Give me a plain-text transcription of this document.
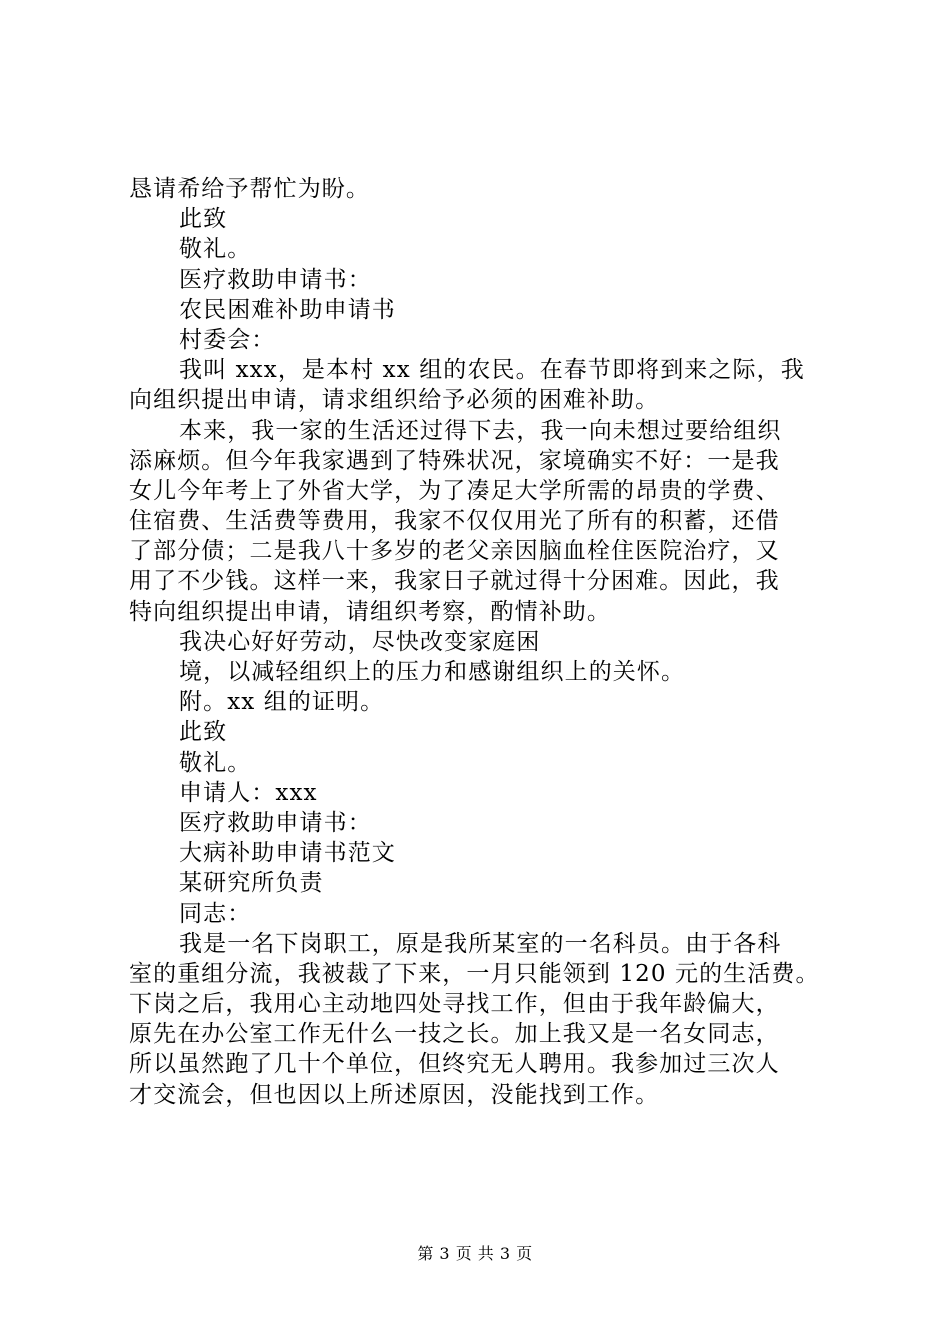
恳请希给予帮忙为盼。
此致
敬礼。
医疗救助申请书：
农民困难补助申请书
村委会：
我叫 xxx，是本村 xx 组的农民。在春节即将到来之际，我
向组织提出申请，请求组织给予必须的困难补助。
本来，我一家的生活还过得下去，我一向未想过要给组织
添麻烦。但今年我家遇到了特殊状况，家境确实不好：一是我
女儿今年考上了外省大学，为了凑足大学所需的昂贵的学费、
住宿费、生活费等费用，我家不仅仅用光了所有的积蓄，还借
了部分债；二是我八十多岁的老父亲因脑血栓住医院治疗，又
用了不少钱。这样一来，我家日子就过得十分困难。因此，我
特向组织提出申请，请组织考察，酌情补助。
我决心好好劳动，尽快改变家庭困
境，以减轻组织上的压力和感谢组织上的关怀。
附。xx 组的证明。
此致
敬礼。
申请人：xxx
医疗救助申请书：
大病补助申请书范文
某研究所负责
同志：
我是一名下岗职工，原是我所某室的一名科员。由于各科
室的重组分流，我被裁了下来，一月只能领到 120 元的生活费。
下岗之后，我用心主动地四处寻找工作，但由于我年龄偏大，
原先在办公室工作无什么一技之长。加上我又是一名女同志，
所以虽然跑了几十个单位，但终究无人聘用。我参加过三次人
才交流会，但也因以上所述原因，没能找到工作。
第 3 页 共 3 页
